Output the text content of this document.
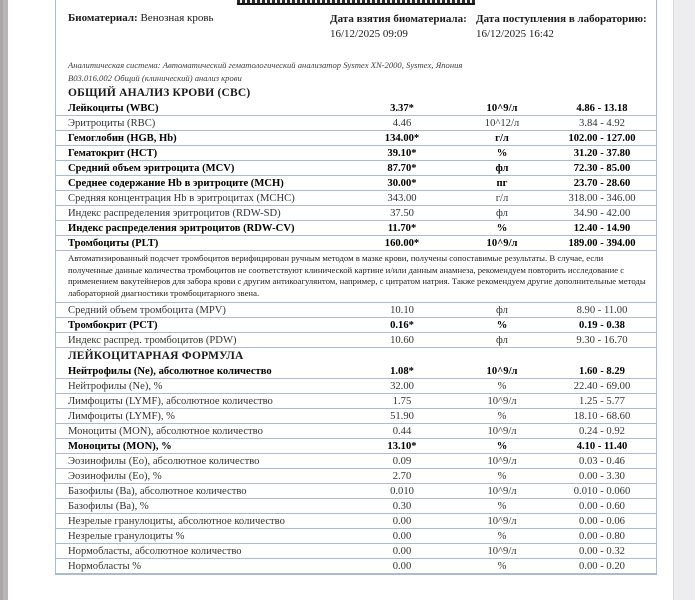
Биоматериал: Венозная кровь	Дата взятия биоматериала:
16/12/2025 09:09
Дата поступления в лабораторию:
16/12/2025 16:42
Аналитическая система: Автоматический гематологический анализатор Sysmex XN-2000, Sysmex, Япония
В03.016.002 Общий (клинический) анализ крови
ОБЩИЙ АНАЛИЗ КРОВИ (CBC)
Лейкоциты (WBC)	3.37*	10^9/л	4.86 - 13.18
Эритроциты (RBC)	4.46	10^12/л	3.84 - 4.92
Гемоглобин (HGB, Hb)	134.00*	г/л	102.00 - 127.00
Гематокрит (HCT)	39.10*	%	31.20 - 37.80
Средний объем эритроцита (MCV)	87.70*	фл	72.30 - 85.00
Среднее содержание Hb в эритроците (MCH)	30.00*	пг	23.70 - 28.60
Средняя концентрация Hb в эритроцитах (MCHC)	343.00	г/л	318.00 - 346.00
Индекс распределения эритроцитов (RDW-SD)	37.50	фл	34.90 - 42.00
Индекс распределения эритроцитов (RDW-CV)	11.70*	%	12.40 - 14.90
Тромбоциты (PLT)	160.00*	10^9/л	189.00 - 394.00
Автоматизированный подсчет тромбоцитов верифицирован ручным методом в мазке крови, получены сопоставимые результаты. В случае, если полученные данные количества тромбоцитов не соответствуют клинической картине и/или данным анамнеза, рекомендуем повторить исследование с применением вакутейнеров для забора крови с другим антикоагулянтом, например, с цитратом натрия. Также рекомендуем другие дополнительные методы лабораторной диагностики тромбоцитарного звена.
Средний объем тромбоцита (MPV)	10.10	фл	8.90 - 11.00
Тромбокрит (PCT)	0.16*	%	0.19 - 0.38
Индекс распред. тромбоцитов (PDW)	10.60	фл	9.30 - 16.70
ЛЕЙКОЦИТАРНАЯ ФОРМУЛА
Нейтрофилы (Ne), абсолютное количество	1.08*	10^9/л	1.60 - 8.29
Нейтрофилы (Ne), %	32.00	%	22.40 - 69.00
Лимфоциты (LYMF), абсолютное количество	1.75	10^9/л	1.25 - 5.77
Лимфоциты (LYMF), %	51.90	%	18.10 - 68.60
Моноциты (MON), абсолютное количество	0.44	10^9/л	0.24 - 0.92
Моноциты (MON), %	13.10*	%	4.10 - 11.40
Эозинофилы (Ео), абсолютное количество	0.09	10^9/л	0.03 - 0.46
Эозинофилы (Ео), %	2.70	%	0.00 - 3.30
Базофилы (Ва), абсолютное количество	0.010	10^9/л	0.010 - 0.060
Базофилы (Ва), %	0.30	%	0.00 - 0.60
Незрелые гранулоциты, абсолютное количество	0.00	10^9/л	0.00 - 0.06
Незрелые гранулоциты %	0.00	%	0.00 - 0.80
Нормобласты, абсолютное количество	0.00	10^9/л	0.00 - 0.32
Нормобласты %	0.00	%	0.00 - 0.20
